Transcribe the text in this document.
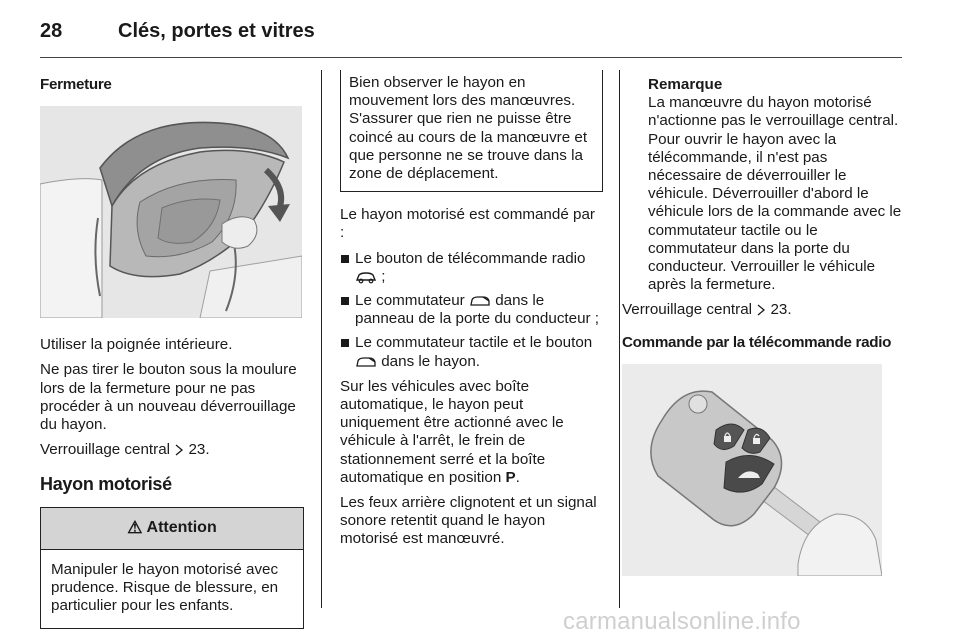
28	Clés, portes et vitres
Fermeture
Utiliser la poignée intérieure.
Ne pas tirer le bouton sous la moulure lors de la fermeture pour ne pas procéder à un nouveau déverrouillage du hayon.
Verrouillage central 23.
Hayon motorisé
⚠ Attention
Manipuler le hayon motorisé avec prudence. Risque de blessure, en particulier pour les enfants.
Bien observer le hayon en mouvement lors des manœuvres. S'assurer que rien ne puisse être coincé au cours de la manœuvre et que personne ne se trouve dans la zone de déplacement.
Le hayon motorisé est commandé par :
Le bouton de télécommande radio  ;
Le commutateur dans le panneau de la porte du conducteur ;
Le commutateur tactile et le bouton  dans le hayon.
Sur les véhicules avec boîte automatique, le hayon peut uniquement être actionné avec le véhicule à l'arrêt, le frein de stationnement serré et la boîte automatique en position P.
Les feux arrière clignotent et un signal sonore retentit quand le hayon motorisé est manœuvré.
Remarque
La manœuvre du hayon motorisé n'actionne pas le verrouillage central. Pour ouvrir le hayon avec la télécommande, il n'est pas nécessaire de déverrouiller le véhicule. Déverrouiller d'abord le véhicule lors de la commande avec le commutateur tactile ou le commutateur dans la porte du conducteur. Verrouiller le véhicule après la fermeture.
Verrouillage central 23.
Commande par la télécommande radio
carmanualsonline.info
